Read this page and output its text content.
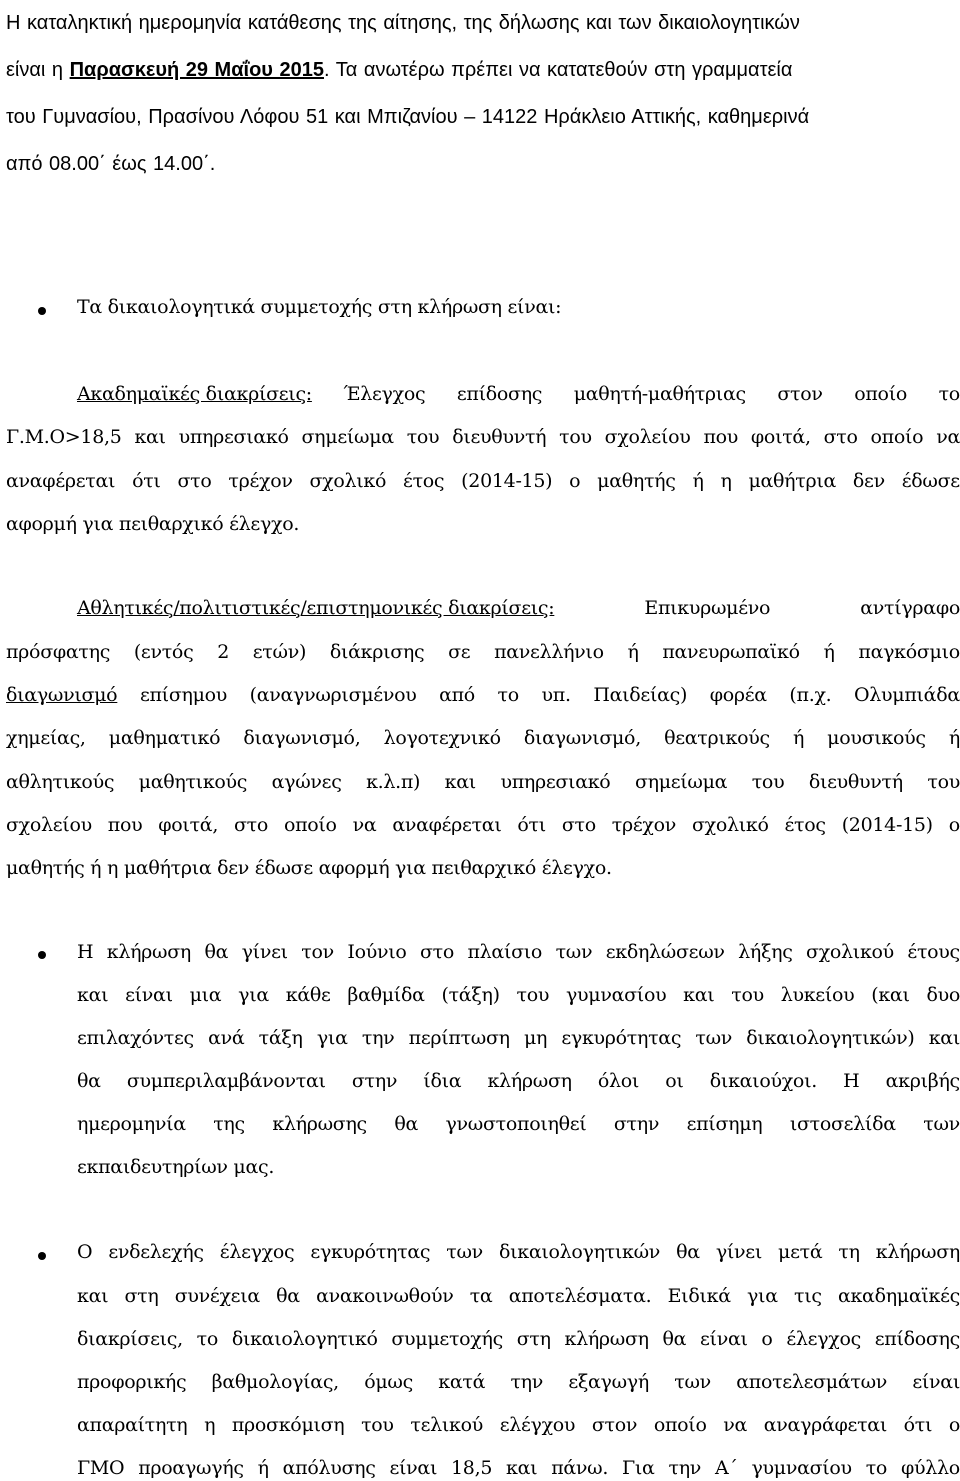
Η καταληκτική ημερομηνία κατάθεσης της αίτησης, της δήλωσης και των δικαιολογητικών
είναι η Παρασκευή 29 Μαΐου 2015. Τα ανωτέρω πρέπει να κατατεθούν στη γραμματεία
του Γυμνασίου, Πρασίνου Λόφου 51 και Μπιζανίου – 14122 Ηράκλειο Αττικής, καθημερινά
από 08.00΄ έως 14.00΄.
Τα δικαιολογητικά συμμετοχής στη κλήρωση είναι:
Ακαδημαϊκές διακρίσεις: Έλεγχος επίδοσης μαθητή-μαθήτριας στον οποίο το
Γ.Μ.Ο>18,5 και υπηρεσιακό σημείωμα του διευθυντή του σχολείου που φοιτά, στο οποίο να
αναφέρεται ότι στο τρέχον σχολικό έτος (2014-15) ο μαθητής ή η μαθήτρια δεν έδωσε
αφορμή για πειθαρχικό έλεγχο.
Αθλητικές/πολιτιστικές/επιστημονικές διακρίσεις:	Επικυρωμένο	αντίγραφο
πρόσφατης (εντός 2 ετών) διάκρισης σε πανελλήνιο ή πανευρωπαϊκό ή παγκόσμιο
διαγωνισμό επίσημου (αναγνωρισμένου από το υπ. Παιδείας) φορέα (π.χ. Ολυμπιάδα
χημείας, μαθηματικό διαγωνισμό, λογοτεχνικό διαγωνισμό, θεατρικούς ή μουσικούς ή
αθλητικούς μαθητικούς αγώνες κ.λ.π) και υπηρεσιακό σημείωμα του διευθυντή του
σχολείου που φοιτά, στο οποίο να αναφέρεται ότι στο τρέχον σχολικό έτος (2014-15) ο
μαθητής ή η μαθήτρια δεν έδωσε αφορμή για πειθαρχικό έλεγχο.
Η κλήρωση θα γίνει τον Ιούνιο στο πλαίσιο των εκδηλώσεων λήξης σχολικού έτους
και είναι μια για κάθε βαθμίδα (τάξη) του γυμνασίου και του λυκείου (και δυο
επιλαχόντες ανά τάξη για την περίπτωση μη εγκυρότητας των δικαιολογητικών) και
θα συμπεριλαμβάνονται στην ίδια κλήρωση όλοι οι δικαιούχοι. Η ακριβής
ημερομηνία της κλήρωσης θα γνωστοποιηθεί στην επίσημη ιστοσελίδα των
εκπαιδευτηρίων μας.
Ο ενδελεχής έλεγχος εγκυρότητας των δικαιολογητικών θα γίνει μετά τη κλήρωση
και στη συνέχεια θα ανακοινωθούν τα αποτελέσματα. Ειδικά για τις ακαδημαϊκές
διακρίσεις, το δικαιολογητικό συμμετοχής στη κλήρωση θα είναι ο έλεγχος επίδοσης
προφορικής βαθμολογίας, όμως κατά την εξαγωγή των αποτελεσμάτων είναι
απαραίτητη η προσκόμιση του τελικού ελέγχου στον οποίο να αναγράφεται ότι ο
ΓΜΟ προαγωγής ή απόλυσης είναι 18,5 και πάνω. Για την Α΄ γυμνασίου το φύλλο
